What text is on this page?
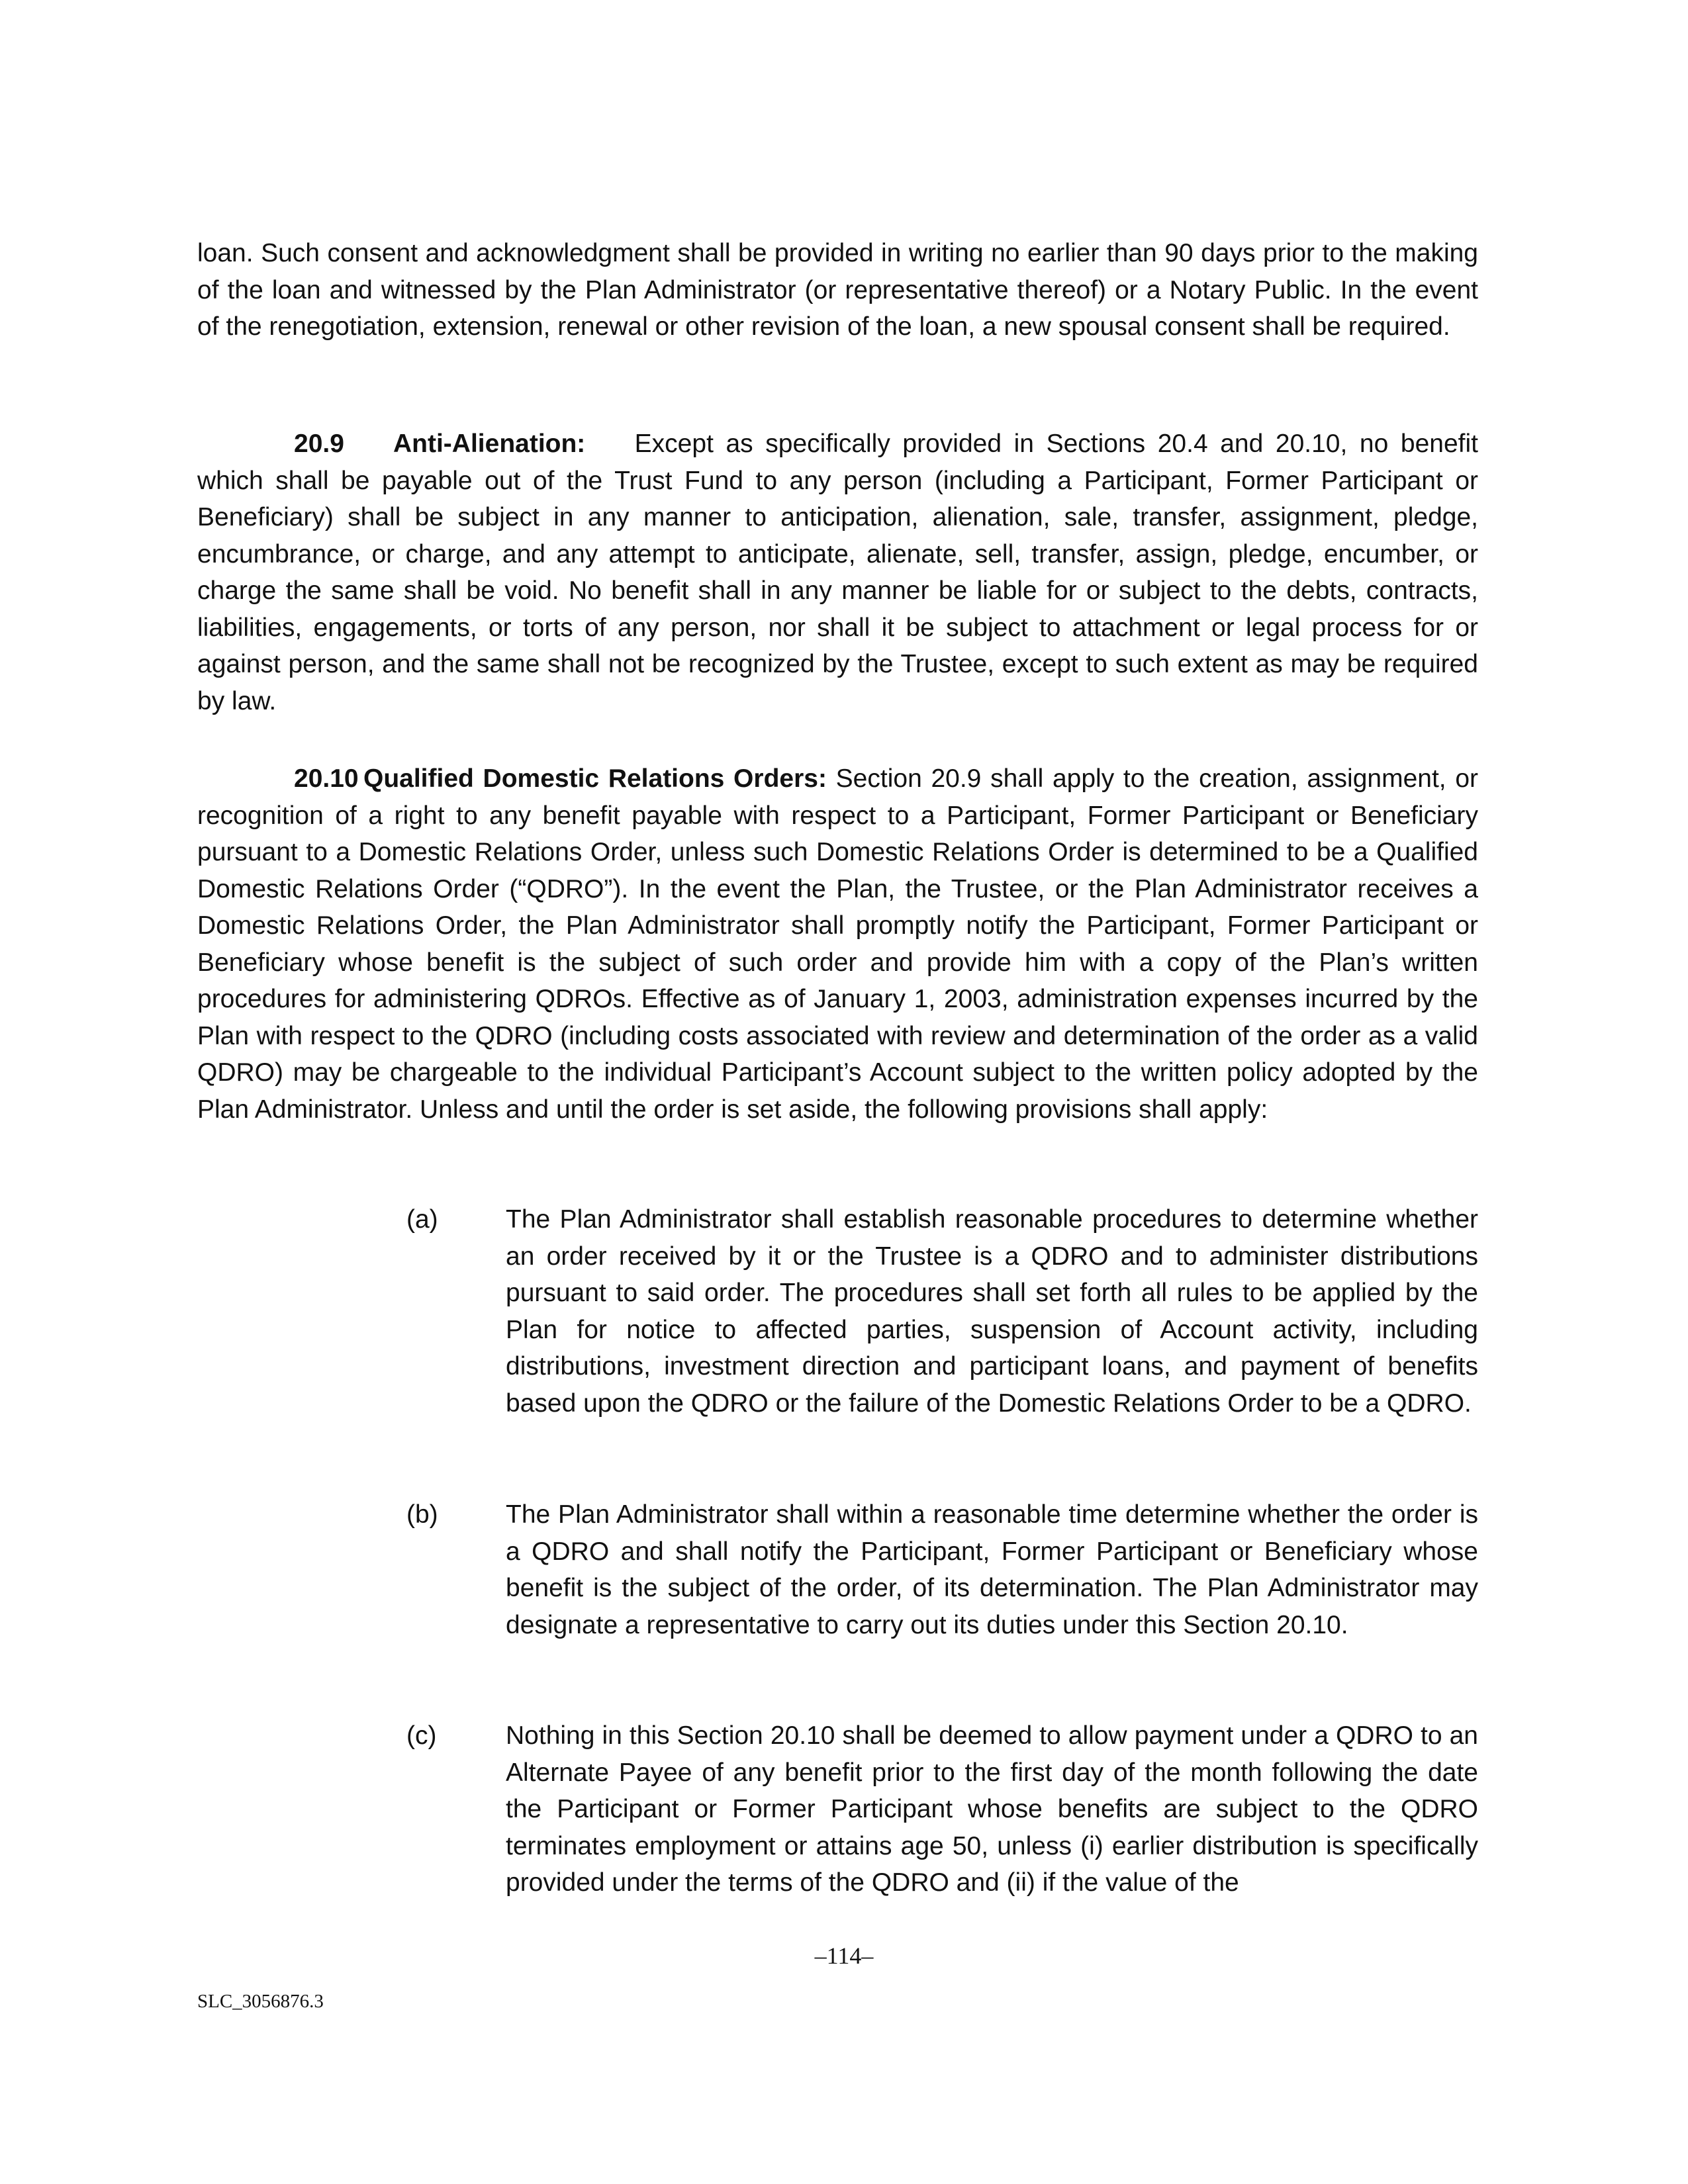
loan. Such consent and acknowledgment shall be provided in writing no earlier than 90 days prior to the making of the loan and witnessed by the Plan Administrator (or representative thereof) or a Notary Public. In the event of the renegotiation, extension, renewal or other revision of the loan, a new spousal consent shall be required.

20.9 Anti-Alienation: Except as specifically provided in Sections 20.4 and 20.10, no benefit which shall be payable out of the Trust Fund to any person (including a Participant, Former Participant or Beneficiary) shall be subject in any manner to anticipation, alienation, sale, transfer, assignment, pledge, encumbrance, or charge, and any attempt to anticipate, alienate, sell, transfer, assign, pledge, encumber, or charge the same shall be void. No benefit shall in any manner be liable for or subject to the debts, contracts, liabilities, engagements, or torts of any person, nor shall it be subject to attachment or legal process for or against person, and the same shall not be recognized by the Trustee, except to such extent as may be required by law.

20.10 Qualified Domestic Relations Orders: Section 20.9 shall apply to the creation, assignment, or recognition of a right to any benefit payable with respect to a Participant, Former Participant or Beneficiary pursuant to a Domestic Relations Order, unless such Domestic Relations Order is determined to be a Qualified Domestic Relations Order (“QDRO”). In the event the Plan, the Trustee, or the Plan Administrator receives a Domestic Relations Order, the Plan Administrator shall promptly notify the Participant, Former Participant or Beneficiary whose benefit is the subject of such order and provide him with a copy of the Plan’s written procedures for administering QDROs. Effective as of January 1, 2003, administration expenses incurred by the Plan with respect to the QDRO (including costs associated with review and determination of the order as a valid QDRO) may be chargeable to the individual Participant’s Account subject to the written policy adopted by the Plan Administrator. Unless and until the order is set aside, the following provisions shall apply:

(a)	The Plan Administrator shall establish reasonable procedures to determine whether an order received by it or the Trustee is a QDRO and to administer distributions pursuant to said order. The procedures shall set forth all rules to be applied by the Plan for notice to affected parties, suspension of Account activity, including distributions, investment direction and participant loans, and payment of benefits based upon the QDRO or the failure of the Domestic Relations Order to be a QDRO.
(b)	The Plan Administrator shall within a reasonable time determine whether the order is a QDRO and shall notify the Participant, Former Participant or Beneficiary whose benefit is the subject of the order, of its determination. The Plan Administrator may designate a representative to carry out its duties under this Section 20.10.
(c)	Nothing in this Section 20.10 shall be deemed to allow payment under a QDRO to an Alternate Payee of any benefit prior to the first day of the month following the date the Participant or Former Participant whose benefits are subject to the QDRO terminates employment or attains age 50, unless (i) earlier distribution is specifically provided under the terms of the QDRO and (ii) if the value of the
–114–
SLC_3056876.3
